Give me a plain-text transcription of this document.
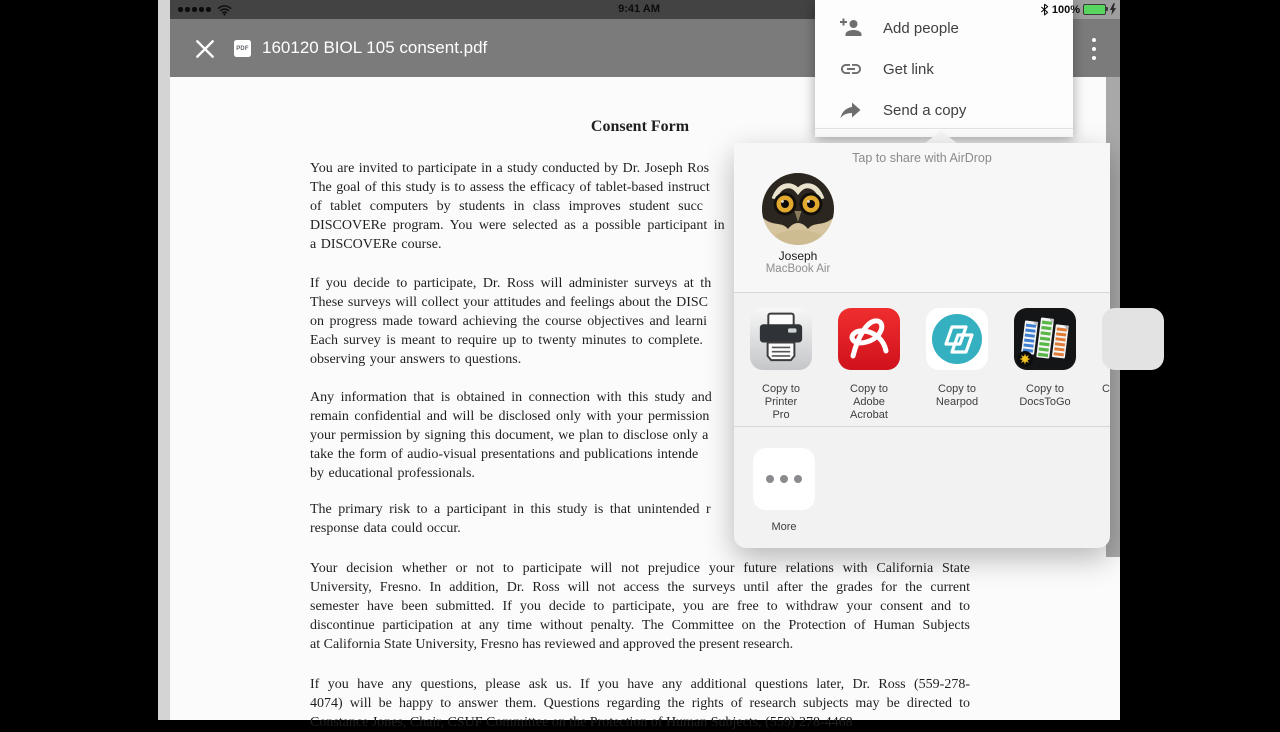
Consent Form
You are invited to participate in a study conducted by Dr. Joseph Ros
The goal of this study is to assess the efficacy of tablet-based instruct
of tablet computers by students in class improves student succ
DISCOVERe program. You were selected as a possible participant in
a DISCOVERe course.
If you decide to participate, Dr. Ross will administer surveys at th
These surveys will collect your attitudes and feelings about the DISC
on progress made toward achieving the course objectives and learni
Each survey is meant to require up to twenty minutes to complete.
observing your answers to questions.
Any information that is obtained in connection with this study and
remain confidential and will be disclosed only with your permission
your permission by signing this document, we plan to disclose only a
take the form of audio-visual presentations and publications intende
by educational professionals.
The primary risk to a participant in this study is that unintended r
response data could occur.
Your decision whether or not to participate will not prejudice your future relations with California State
University, Fresno. In addition, Dr. Ross will not access the surveys until after the grades for the current
semester have been submitted. If you decide to participate, you are free to withdraw your consent and to
discontinue participation at any time without penalty. The Committee on the Protection of Human Subjects
at California State University, Fresno has reviewed and approved the present research.
If you have any questions, please ask us. If you have any additional questions later, Dr. Ross (559-278-
4074) will be happy to answer them. Questions regarding the rights of research subjects may be directed to
Constance Jones, Chair, CSUF Committee on the Protection of Human Subjects, (559) 278-4468
PDF 160120 BIOL 105 consent.pdf
9:41 AM	100%
Add people
Get link
Send a copy
Tap to share with AirDrop
Joseph
MacBook Air
Copy to Printer
Pro
Copy to Adobe
Acrobat
Copy to
Nearpod
Copy to
DocsToGo
C
More
